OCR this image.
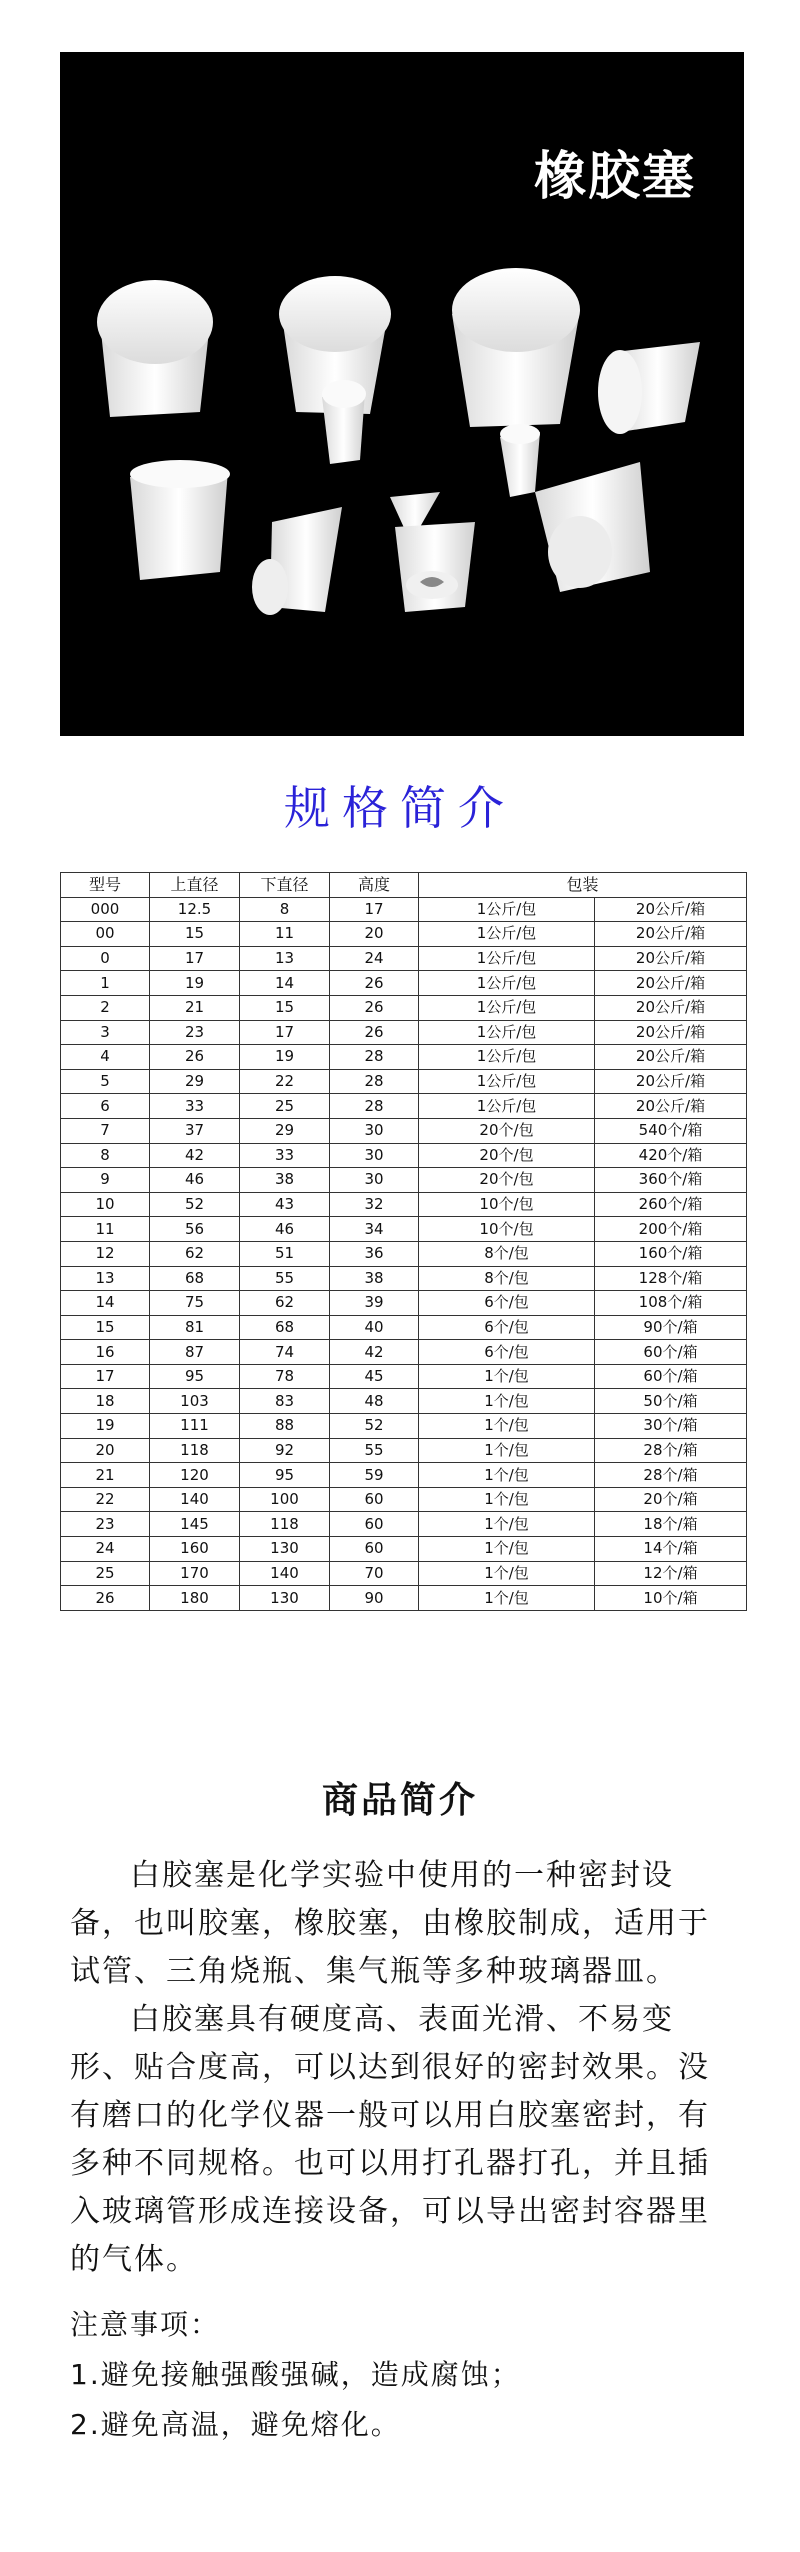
橡胶塞
规格简介
型号	上直径	下直径	高度	包装	
000	12.5	8	17	1公斤/包	20公斤/箱
00	15	11	20	1公斤/包	20公斤/箱
0	17	13	24	1公斤/包	20公斤/箱
1	19	14	26	1公斤/包	20公斤/箱
2	21	15	26	1公斤/包	20公斤/箱
3	23	17	26	1公斤/包	20公斤/箱
4	26	19	28	1公斤/包	20公斤/箱
5	29	22	28	1公斤/包	20公斤/箱
6	33	25	28	1公斤/包	20公斤/箱
7	37	29	30	20个/包	540个/箱
8	42	33	30	20个/包	420个/箱
9	46	38	30	20个/包	360个/箱
10	52	43	32	10个/包	260个/箱
11	56	46	34	10个/包	200个/箱
12	62	51	36	8个/包	160个/箱
13	68	55	38	8个/包	128个/箱
14	75	62	39	6个/包	108个/箱
15	81	68	40	6个/包	90个/箱
16	87	74	42	6个/包	60个/箱
17	95	78	45	1个/包	60个/箱
18	103	83	48	1个/包	50个/箱
19	111	88	52	1个/包	30个/箱
20	118	92	55	1个/包	28个/箱
21	120	95	59	1个/包	28个/箱
22	140	100	60	1个/包	20个/箱
23	145	118	60	1个/包	18个/箱
24	160	130	60	1个/包	14个/箱
25	170	140	70	1个/包	12个/箱
26	180	130	90	1个/包	10个/箱
商品简介

白胶塞是化学实验中使用的一种密封设备，也叫胶塞，橡胶塞，由橡胶制成，适用于试管、三角烧瓶、集气瓶等多种玻璃器皿。

白胶塞具有硬度高、表面光滑、不易变形、贴合度高，可以达到很好的密封效果。没有磨口的化学仪器一般可以用白胶塞密封，有多种不同规格。也可以用打孔器打孔，并且插入玻璃管形成连接设备，可以导出密封容器里的气体。

注意事项：
1.避免接触强酸强碱，造成腐蚀；
2.避免高温，避免熔化。
